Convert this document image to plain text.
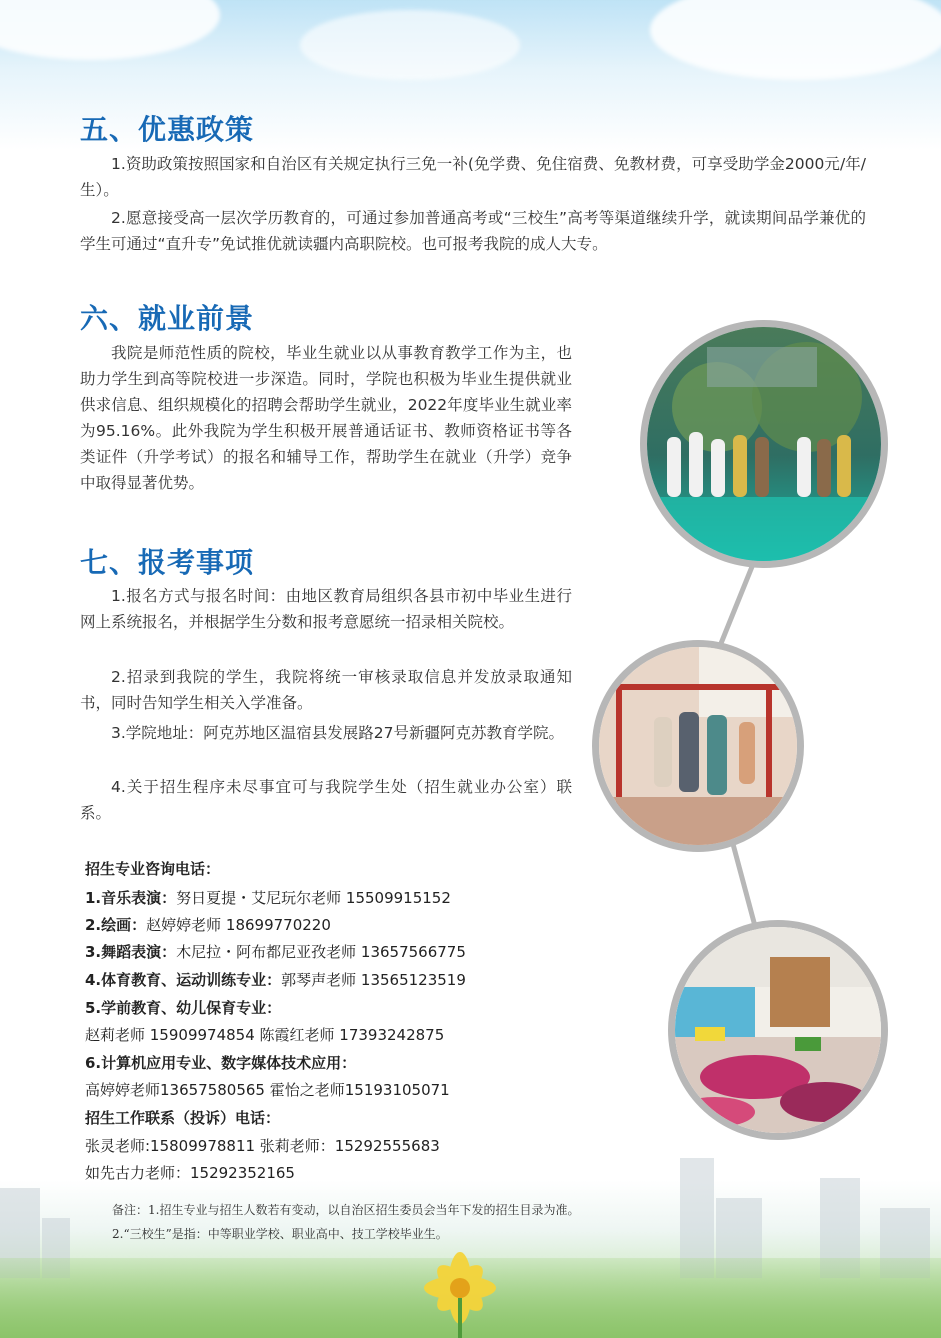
五、优惠政策

1.资助政策按照国家和自治区有关规定执行三免一补(免学费、免住宿费、免教材费，可享受助学金2000元/年/生）。

2.愿意接受高一层次学历教育的，可通过参加普通高考或“三校生”高考等渠道继续升学，就读期间品学兼优的学生可通过“直升专”免试推优就读疆内高职院校。也可报考我院的成人大专。

六、就业前景

我院是师范性质的院校，毕业生就业以从事教育教学工作为主，也助力学生到高等院校进一步深造。同时，学院也积极为毕业生提供就业供求信息、组织规模化的招聘会帮助学生就业，2022年度毕业生就业率为95.16%。此外我院为学生积极开展普通话证书、教师资格证书等各类证件（升学考试）的报名和辅导工作，帮助学生在就业（升学）竞争中取得显著优势。

七、报考事项

1.报名方式与报名时间：由地区教育局组织各县市初中毕业生进行网上系统报名，并根据学生分数和报考意愿统一招录相关院校。

2.招录到我院的学生，我院将统一审核录取信息并发放录取通知书，同时告知学生相关入学准备。

3.学院地址：阿克苏地区温宿县发展路27号新疆阿克苏教育学院。

4.关于招生程序未尽事宜可与我院学生处（招生就业办公室）联系。

招生专业咨询电话：

1.音乐表演：努日夏提・艾尼玩尔老师 15509915152

2.绘画：赵婷婷老师 18699770220

3.舞蹈表演：木尼拉・阿布都尼亚孜老师 13657566775

4.体育教育、运动训练专业：郭琴声老师 13565123519

5.学前教育、幼儿保育专业：

赵莉老师 15909974854 陈霞红老师 17393242875

6.计算机应用专业、数字媒体技术应用：

高婷婷老师13657580565 霍怡之老师15193105071

招生工作联系（投诉）电话：

张灵老师:15809978811 张莉老师：15292555683

如先古力老师：15292352165

备注：1.招生专业与招生人数若有变动，以自治区招生委员会当年下发的招生目录为准。

2.“三校生”是指：中等职业学校、职业高中、技工学校毕业生。
